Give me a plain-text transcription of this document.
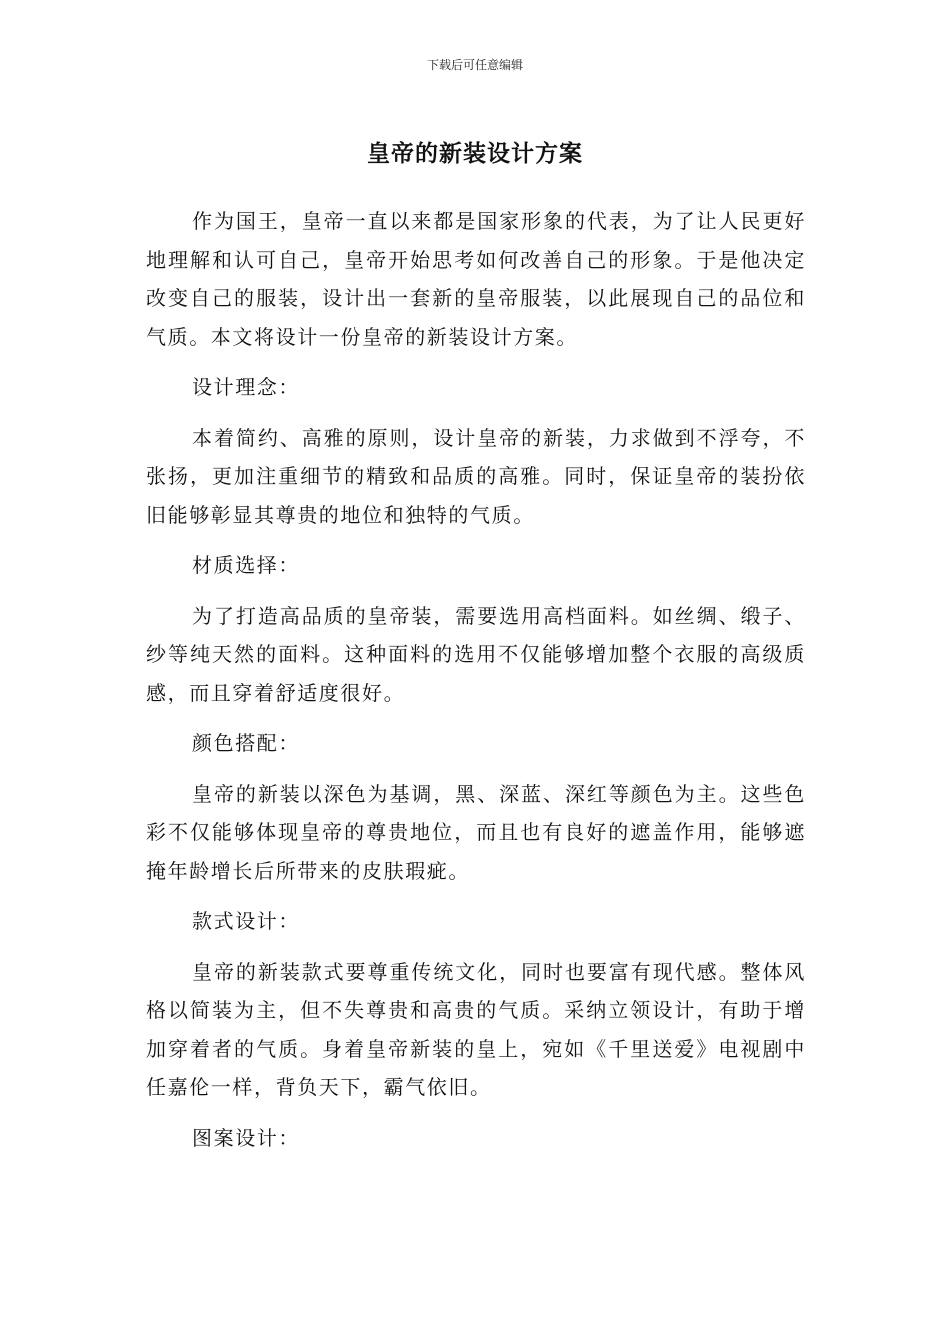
下载后可任意编辑
皇帝的新装设计方案

作为国王，皇帝一直以来都是国家形象的代表，为了让人民更好地理解和认可自己，皇帝开始思考如何改善自己的形象。于是他决定改变自己的服装，设计出一套新的皇帝服装，以此展现自己的品位和气质。本文将设计一份皇帝的新装设计方案。

设计理念：

本着简约、高雅的原则，设计皇帝的新装，力求做到不浮夸，不张扬，更加注重细节的精致和品质的高雅。同时，保证皇帝的装扮依旧能够彰显其尊贵的地位和独特的气质。

材质选择：

为了打造高品质的皇帝装，需要选用高档面料。如丝绸、缎子、纱等纯天然的面料。这种面料的选用不仅能够增加整个衣服的高级质感，而且穿着舒适度很好。

颜色搭配：

皇帝的新装以深色为基调，黑、深蓝、深红等颜色为主。这些色彩不仅能够体现皇帝的尊贵地位，而且也有良好的遮盖作用，能够遮掩年龄增长后所带来的皮肤瑕疵。

款式设计：

皇帝的新装款式要尊重传统文化，同时也要富有现代感。整体风格以简装为主，但不失尊贵和高贵的气质。采纳立领设计，有助于增加穿着者的气质。身着皇帝新装的皇上，宛如《千里送爱》电视剧中任嘉伦一样，背负天下，霸气依旧。

图案设计：
